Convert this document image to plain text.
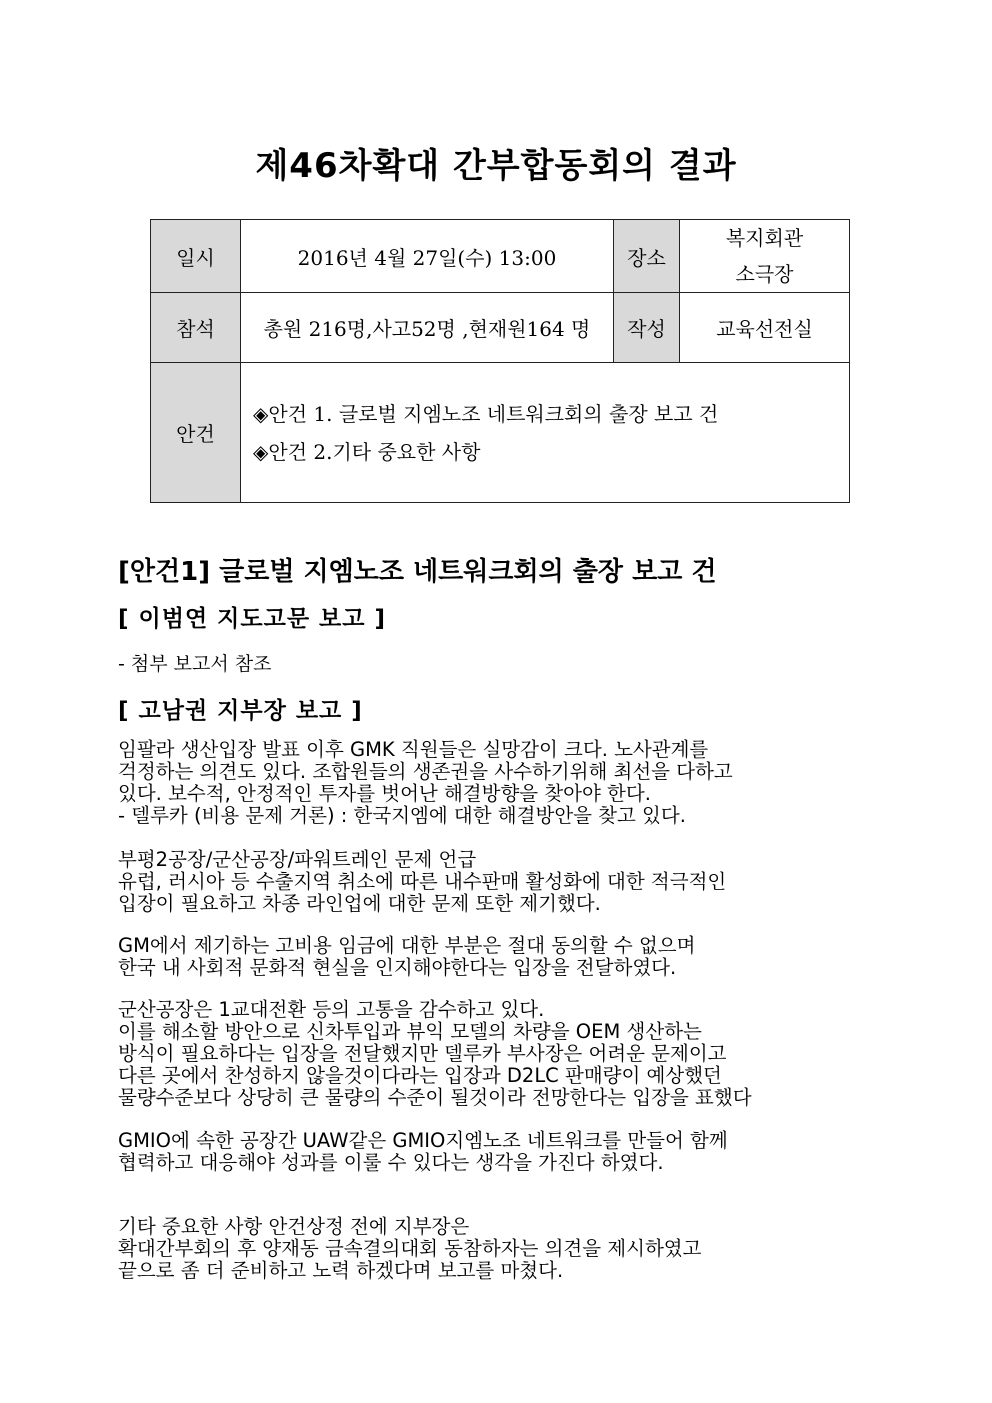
제46차확대 간부합동회의 결과
일시	2016년 4월 27일(수) 13:00	장소	복지회관
소극장

참석	총원 216명,사고52명 ,현재원164 명	작성	교육선전실
안건	◈안건 1. 글로벌 지엠노조 네트워크회의 출장 보고 건
◈안건 2.기타 중요한 사항		
[안건1] 글로벌 지엠노조 네트워크회의 출장 보고 건
[ 이범연 지도고문 보고 ]
- 첨부 보고서 참조
[ 고남권 지부장 보고 ]

임팔라 생산입장 발표 이후 GMK 직원들은 실망감이 크다. 노사관계를

걱정하는 의견도 있다. 조합원들의 생존권을 사수하기위해 최선을 다하고

있다. 보수적, 안정적인 투자를 벗어난 해결방향을 찾아야 한다.

- 델루카 (비용 문제 거론) : 한국지엠에 대한 해결방안을 찾고 있다.

부평2공장/군산공장/파워트레인 문제 언급

유럽, 러시아 등 수출지역 취소에 따른 내수판매 활성화에 대한 적극적인

입장이 필요하고 차종 라인업에 대한 문제 또한 제기했다.

GM에서 제기하는 고비용 임금에 대한 부분은 절대 동의할 수 없으며

한국 내 사회적 문화적 현실을 인지해야한다는 입장을 전달하였다.

군산공장은 1교대전환 등의 고통을 감수하고 있다.

이를 해소할 방안으로 신차투입과 뷰익 모델의 차량을 OEM 생산하는

방식이 필요하다는 입장을 전달했지만 델루카 부사장은 어려운 문제이고

다른 곳에서 찬성하지 않을것이다라는 입장과 D2LC 판매량이 예상했던

물량수준보다 상당히 큰 물량의 수준이 될것이라 전망한다는 입장을 표했다

GMIO에 속한 공장간 UAW같은 GMIO지엠노조 네트워크를 만들어 함께

협력하고 대응해야 성과를 이룰 수 있다는 생각을 가진다 하였다.

기타 중요한 사항 안건상정 전에 지부장은

확대간부회의 후 양재동 금속결의대회 동참하자는 의견을 제시하였고

끝으로 좀 더 준비하고 노력 하겠다며 보고를 마쳤다.
